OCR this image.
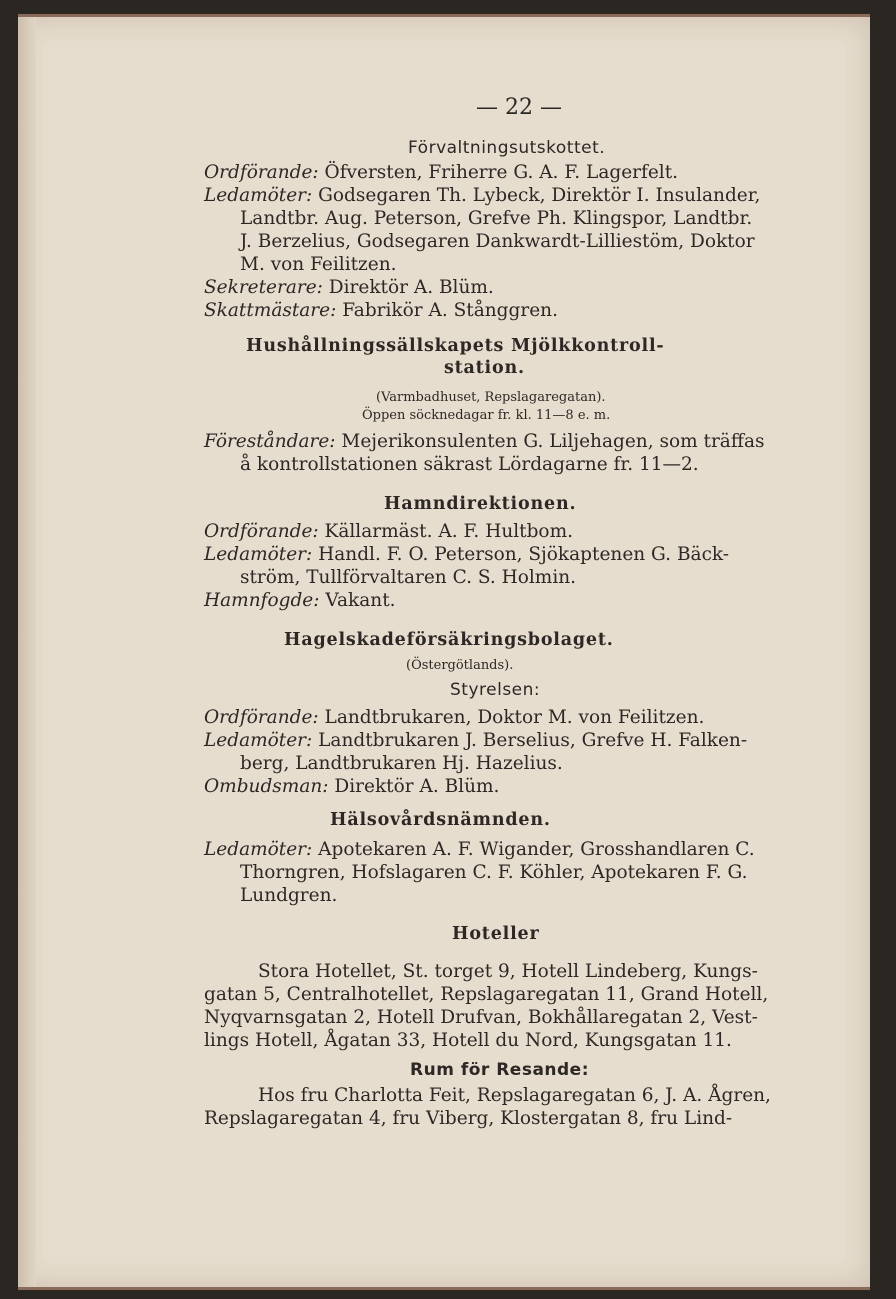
— 22 —
Förvaltningsutskottet.
Ordförande: Öfversten, Friherre G. A. F. Lagerfelt.
Ledamöter: Godsegaren Th. Lybeck, Direktör I. Insulander,
Landtbr. Aug. Peterson, Grefve Ph. Klingspor, Landtbr.
J. Berzelius, Godsegaren Dankwardt-Lilliestöm, Doktor
M. von Feilitzen.
Sekreterare: Direktör A. Blüm.
Skattmästare: Fabrikör A. Stånggren.
Hushållningssällskapets Mjölkkontroll-
station.
(Varmbadhuset, Repslagaregatan).
Öppen söcknedagar fr. kl. 11—8 e. m.
Föreståndare: Mejerikonsulenten G. Liljehagen, som träffas
å kontrollstationen säkrast Lördagarne fr. 11—2.
Hamndirektionen.
Ordförande: Källarmäst. A. F. Hultbom.
Ledamöter: Handl. F. O. Peterson, Sjökaptenen G. Bäck-
ström, Tullförvaltaren C. S. Holmin.
Hamnfogde: Vakant.
Hagelskadeförsäkringsbolaget.
(Östergötlands).
Styrelsen:
Ordförande: Landtbrukaren, Doktor M. von Feilitzen.
Ledamöter: Landtbrukaren J. Berselius, Grefve H. Falken-
berg, Landtbrukaren Hj. Hazelius.
Ombudsman: Direktör A. Blüm.
Hälsovårdsnämnden.
Ledamöter: Apotekaren A. F. Wigander, Grosshandlaren C.
Thorngren, Hofslagaren C. F. Köhler, Apotekaren F. G.
Lundgren.
Hoteller
Stora Hotellet, St. torget 9, Hotell Lindeberg, Kungs-
gatan 5, Centralhotellet, Repslagaregatan 11, Grand Hotell,
Nyqvarnsgatan 2, Hotell Drufvan, Bokhållaregatan 2, Vest-
lings Hotell, Ågatan 33, Hotell du Nord, Kungsgatan 11.
Rum för Resande:
Hos fru Charlotta Feit, Repslagaregatan 6, J. A. Ågren,
Repslagaregatan 4, fru Viberg, Klostergatan 8, fru Lind-
